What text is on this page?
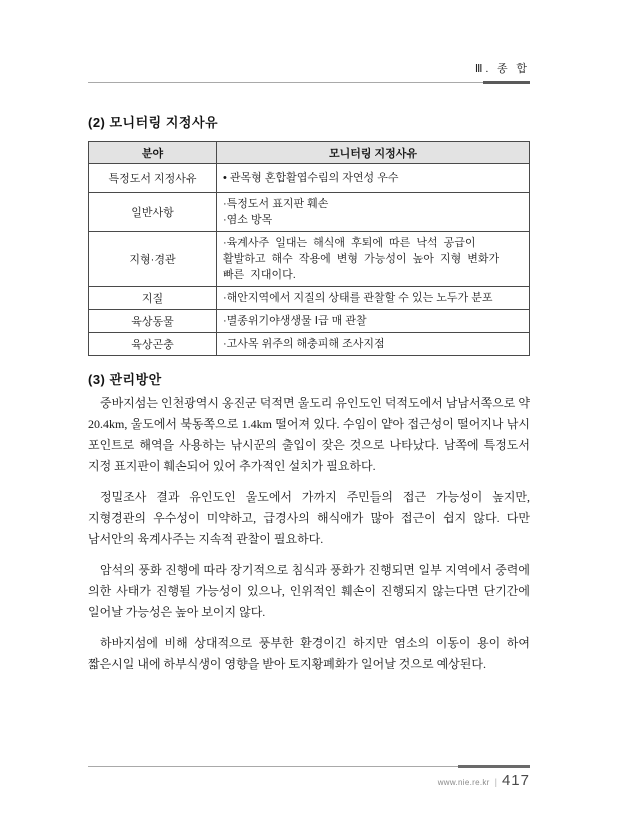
Ⅲ. 종 합
(2) 모니터링 지정사유
분야	모니터링 지정사유
특정도서 지정사유	• 관목형 혼합활엽수림의 자연성 우수

일반사항	·특정도서 표지판 훼손
·염소 방목

지형·경관	·육계사주 일대는 해식애 후퇴에 따른 낙석 공급이 활발하고 해수 작용에 변형 가능성이 높아 지형 변화가 빠른 지대이다.

지질	·해안지역에서 지질의 상태를 관찰할 수 있는 노두가 분포

육상동물	·멸종위기야생생물 Ⅰ급 매 관찰

육상곤충	·고사목 위주의 해충피해 조사지점
(3) 관리방안

중바지섬는 인천광역시 옹진군 덕적면 울도리 유인도인 덕적도에서 남남서쪽으로 약 20.4km, 울도에서 북동쪽으로 1.4km 떨어져 있다. 수임이 얕아 접근성이 떨어지나 낚시 포인트로 해역을 사용하는 낚시꾼의 출입이 잦은 것으로 나타났다. 남쪽에 특정도서 지정 표지판이 훼손되어 있어 추가적인 설치가 필요하다.

정밀조사 결과 유인도인 울도에서 가까지 주민들의 접근 가능성이 높지만, 지형경관의 우수성이 미약하고, 급경사의 해식애가 많아 접근이 쉽지 않다. 다만 남서안의 육계사주는 지속적 관찰이 필요하다.

암석의 풍화 진행에 따라 장기적으로 침식과 풍화가 진행되면 일부 지역에서 중력에 의한 사태가 진행될 가능성이 있으나, 인위적인 훼손이 진행되지 않는다면 단기간에 일어날 가능성은 높아 보이지 않다.

하바지섬에 비해 상대적으로 풍부한 환경이긴 하지만 염소의 이동이 용이 하여 짧은시일 내에 하부식생이 영향을 받아 토지황폐화가 일어날 것으로 예상된다.

www.nie.re.kr | 417
